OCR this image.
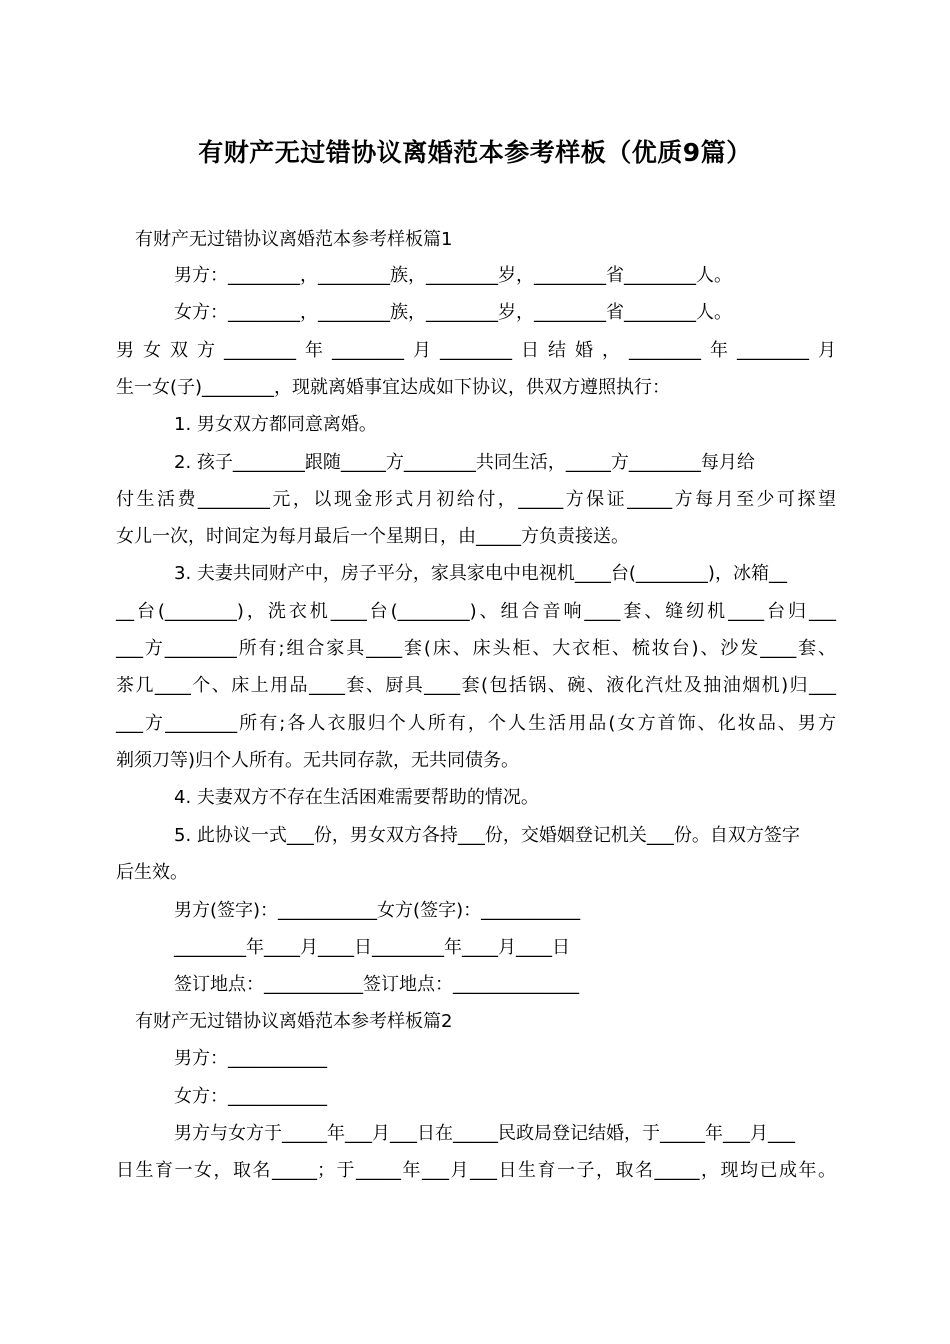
有财产无过错协议离婚范本参考样板（优质9篇）
有财产无过错协议离婚范本参考样板篇1
男方：________，________族，________岁，________省________人。
女方：________，________族，________岁，________省________人。
男女双方________年________月________日结婚，________年________月
生一女(子)________，现就离婚事宜达成如下协议，供双方遵照执行：
1. 男女双方都同意离婚。
2. 孩子________跟随_____方________共同生活，_____方________每月给
付生活费________元，以现金形式月初给付，_____方保证_____方每月至少可探望
女儿一次，时间定为每月最后一个星期日，由_____方负责接送。
3. 夫妻共同财产中，房子平分，家具家电中电视机____台(________)，冰箱__
__台(________)，洗衣机____台(________)、组合音响____套、缝纫机____台归___
___方________所有;组合家具____套(床、床头柜、大衣柜、梳妆台)、沙发____套、
茶几____个、床上用品____套、厨具____套(包括锅、碗、液化汽灶及抽油烟机)归___
___方________所有;各人衣服归个人所有，个人生活用品(女方首饰、化妆品、男方
剃须刀等)归个人所有。无共同存款，无共同债务。
4. 夫妻双方不存在生活困难需要帮助的情况。
5. 此协议一式___份，男女双方各持___份，交婚姻登记机关___份。自双方签字
后生效。
男方(签字)：___________女方(签字)：___________
________年____月____日________年____月____日
签订地点：___________签订地点：______________
有财产无过错协议离婚范本参考样板篇2
男方：___________
女方：___________
男方与女方于_____年___月___日在_____民政局登记结婚，于_____年___月___
日生育一女，取名_____；于_____年___月___日生育一子，取名_____，现均已成年。
